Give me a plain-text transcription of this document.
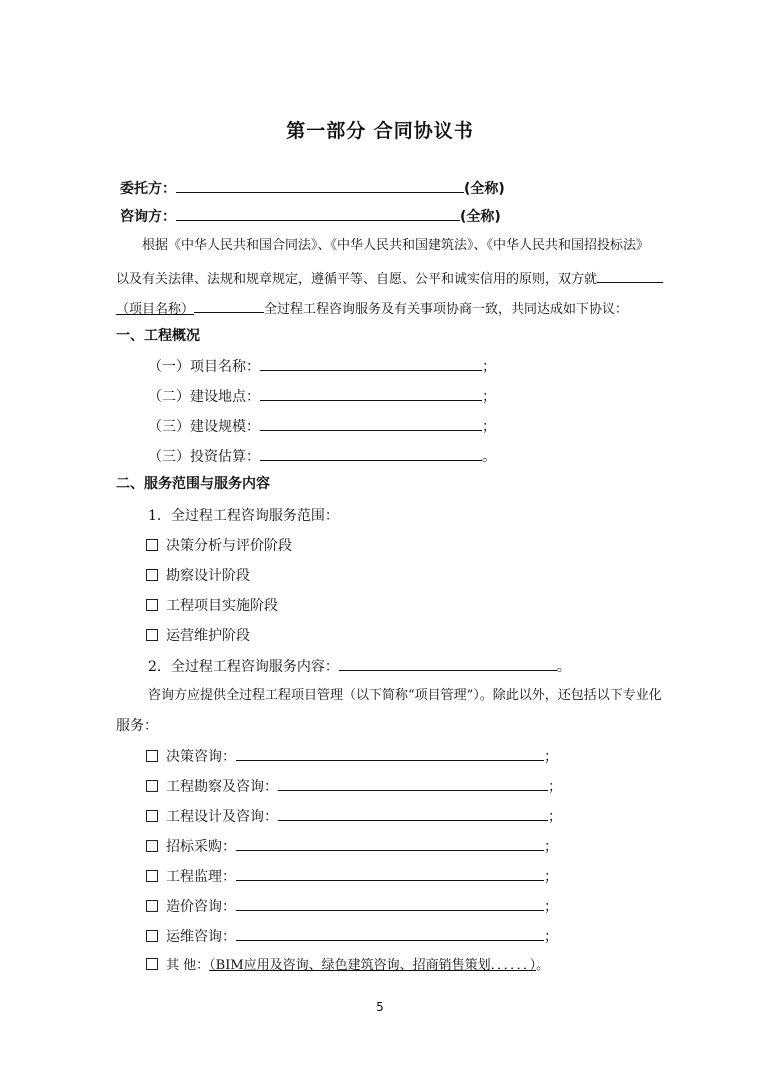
第一部分 合同协议书
委托方：	(全称)
咨询方：	(全称)
根据《中华人民共和国合同法》、《中华人民共和国建筑法》、《中华人民共和国招投标法》
以及有关法律、法规和规章规定，遵循平等、自愿、公平和诚实信用的原则，双方就
（项目名称）	全过程工程咨询服务及有关事项协商一致，共同达成如下协议：
一、工程概况
（一）项目名称：	；
（二）建设地点：	；
（三）建设规模：	；
（三）投资估算：	。
二、服务范围与服务内容
1．全过程工程咨询服务范围：
决策分析与评价阶段
勘察设计阶段
工程项目实施阶段
运营维护阶段
2．全过程工程咨询服务内容：	。
咨询方应提供全过程工程项目管理（以下简称“项目管理”）。除此以外，还包括以下专业化
服务：
决策咨询：	；
工程勘察及咨询：	；
工程设计及咨询：	；
招标采购：	；
工程监理：	；
造价咨询：	；
运维咨询：	；
其 他：（BIM应用及咨询、绿色建筑咨询、招商销售策划．．．．．．）。
5
